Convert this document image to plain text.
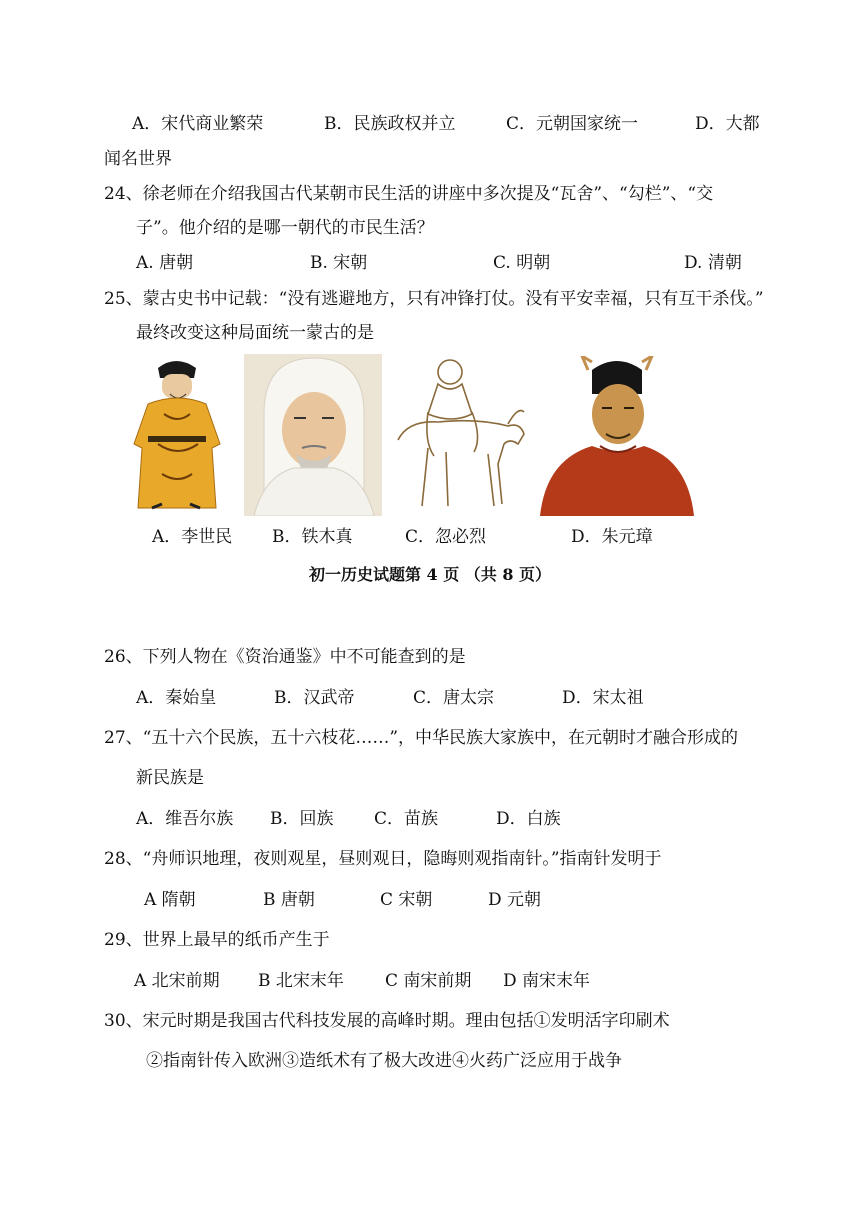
A．宋代商业繁荣	B．民族政权并立	C．元朝国家统一	D．大都
闻名世界
24、徐老师在介绍我国古代某朝市民生活的讲座中多次提及“瓦舍”、“勾栏”、“交
子”。他介绍的是哪一朝代的市民生活？
A. 唐朝	B. 宋朝	C. 明朝	D. 清朝
25、蒙古史书中记载：“没有逃避地方，只有冲锋打仗。没有平安幸福，只有互干杀伐。”
最终改变这种局面统一蒙古的是
A．李世民 B．铁木真	C．忽必烈	D．朱元璋
初一历史试题第 4 页 （共 8 页）
26、下列人物在《资治通鉴》中不可能查到的是
A．秦始皇	B．汉武帝	C．唐太宗	D．宋太祖
27、“五十六个民族，五十六枝花……”，中华民族大家族中，在元朝时才融合形成的
新民族是
A．维吾尔族 B．回族 C．苗族	D．白族
28、“舟师识地理，夜则观星，昼则观日，隐晦则观指南针。”指南针发明于
A 隋朝	B 唐朝	C 宋朝	D 元朝
29、世界上最早的纸币产生于
A 北宋前期 B 北宋末年 C 南宋前期 D 南宋末年
30、宋元时期是我国古代科技发展的高峰时期。理由包括①发明活字印刷术
②指南针传入欧洲③造纸术有了极大改进④火药广泛应用于战争
